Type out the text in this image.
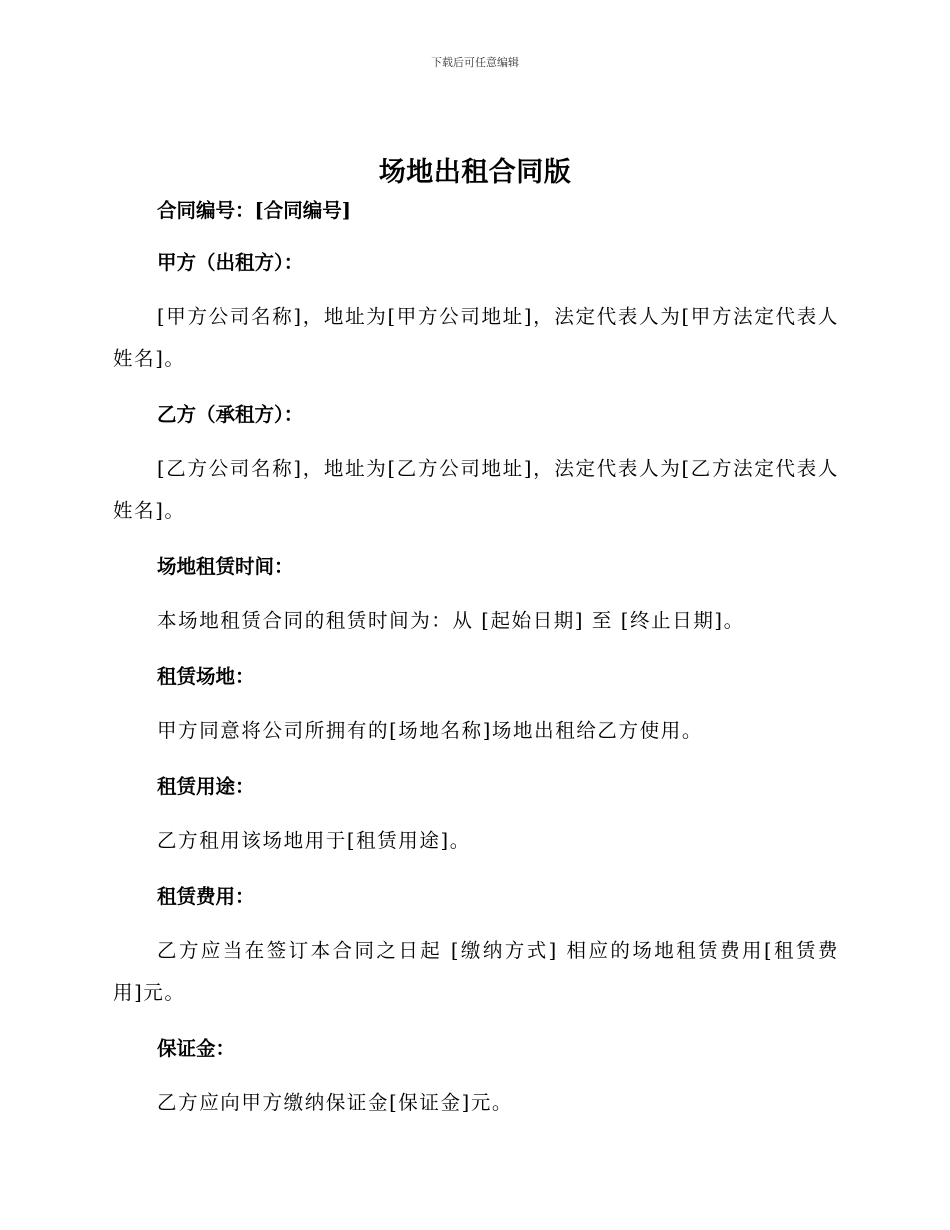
下载后可任意编辑
场地出租合同版

合同编号：[合同编号]

甲方（出租方）：

[甲方公司名称]，地址为[甲方公司地址]，法定代表人为[甲方法定代表人姓名]。

乙方（承租方）：

[乙方公司名称]，地址为[乙方公司地址]，法定代表人为[乙方法定代表人姓名]。

场地租赁时间：

本场地租赁合同的租赁时间为：从 [起始日期] 至 [终止日期]。

租赁场地：

甲方同意将公司所拥有的[场地名称]场地出租给乙方使用。

租赁用途：

乙方租用该场地用于[租赁用途]。

租赁费用：

乙方应当在签订本合同之日起 [缴纳方式] 相应的场地租赁费用[租赁费用]元。

保证金：

乙方应向甲方缴纳保证金[保证金]元。
